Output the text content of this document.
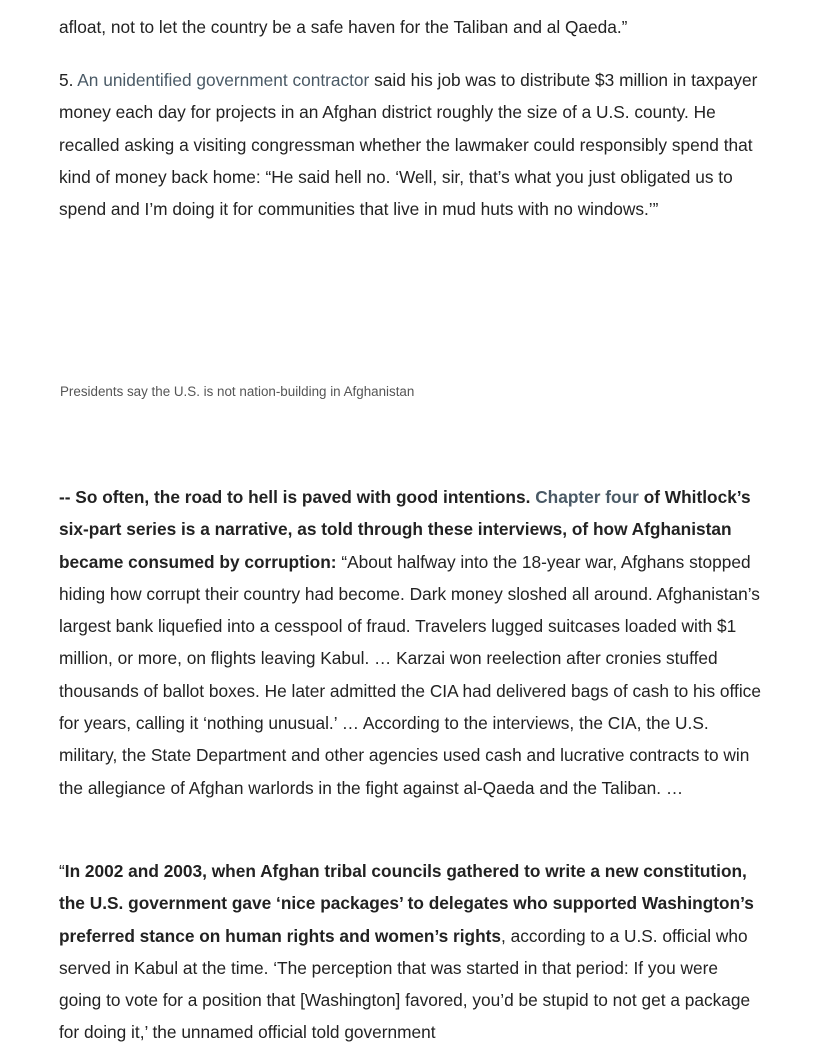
afloat, not to let the country be a safe haven for the Taliban and al Qaeda.”

5. An unidentified government contractor said his job was to distribute $3 million in taxpayer money each day for projects in an Afghan district roughly the size of a U.S. county. He recalled asking a visiting congressman whether the lawmaker could responsibly spend that kind of money back home: “He said hell no. ‘Well, sir, that’s what you just obligated us to spend and I’m doing it for communities that live in mud huts with no windows.’”

Presidents say the U.S. is not nation-building in Afghanistan

-- So often, the road to hell is paved with good intentions. Chapter four of Whitlock’s six-part series is a narrative, as told through these interviews, of how Afghanistan became consumed by corruption: “About halfway into the 18-year war, Afghans stopped hiding how corrupt their country had become. Dark money sloshed all around. Afghanistan’s largest bank liquefied into a cesspool of fraud. Travelers lugged suitcases loaded with $1 million, or more, on flights leaving Kabul. … Karzai won reelection after cronies stuffed thousands of ballot boxes. He later admitted the CIA had delivered bags of cash to his office for years, calling it ‘nothing unusual.’ … According to the interviews, the CIA, the U.S. military, the State Department and other agencies used cash and lucrative contracts to win the allegiance of Afghan warlords in the fight against al-Qaeda and the Taliban. …

“In 2002 and 2003, when Afghan tribal councils gathered to write a new constitution, the U.S. government gave ‘nice packages’ to delegates who supported Washington’s preferred stance on human rights and women’s rights, according to a U.S. official who served in Kabul at the time. ‘The perception that was started in that period: If you were going to vote for a position that [Washington] favored, you’d be stupid to not get a package for doing it,’ the unnamed official told government
